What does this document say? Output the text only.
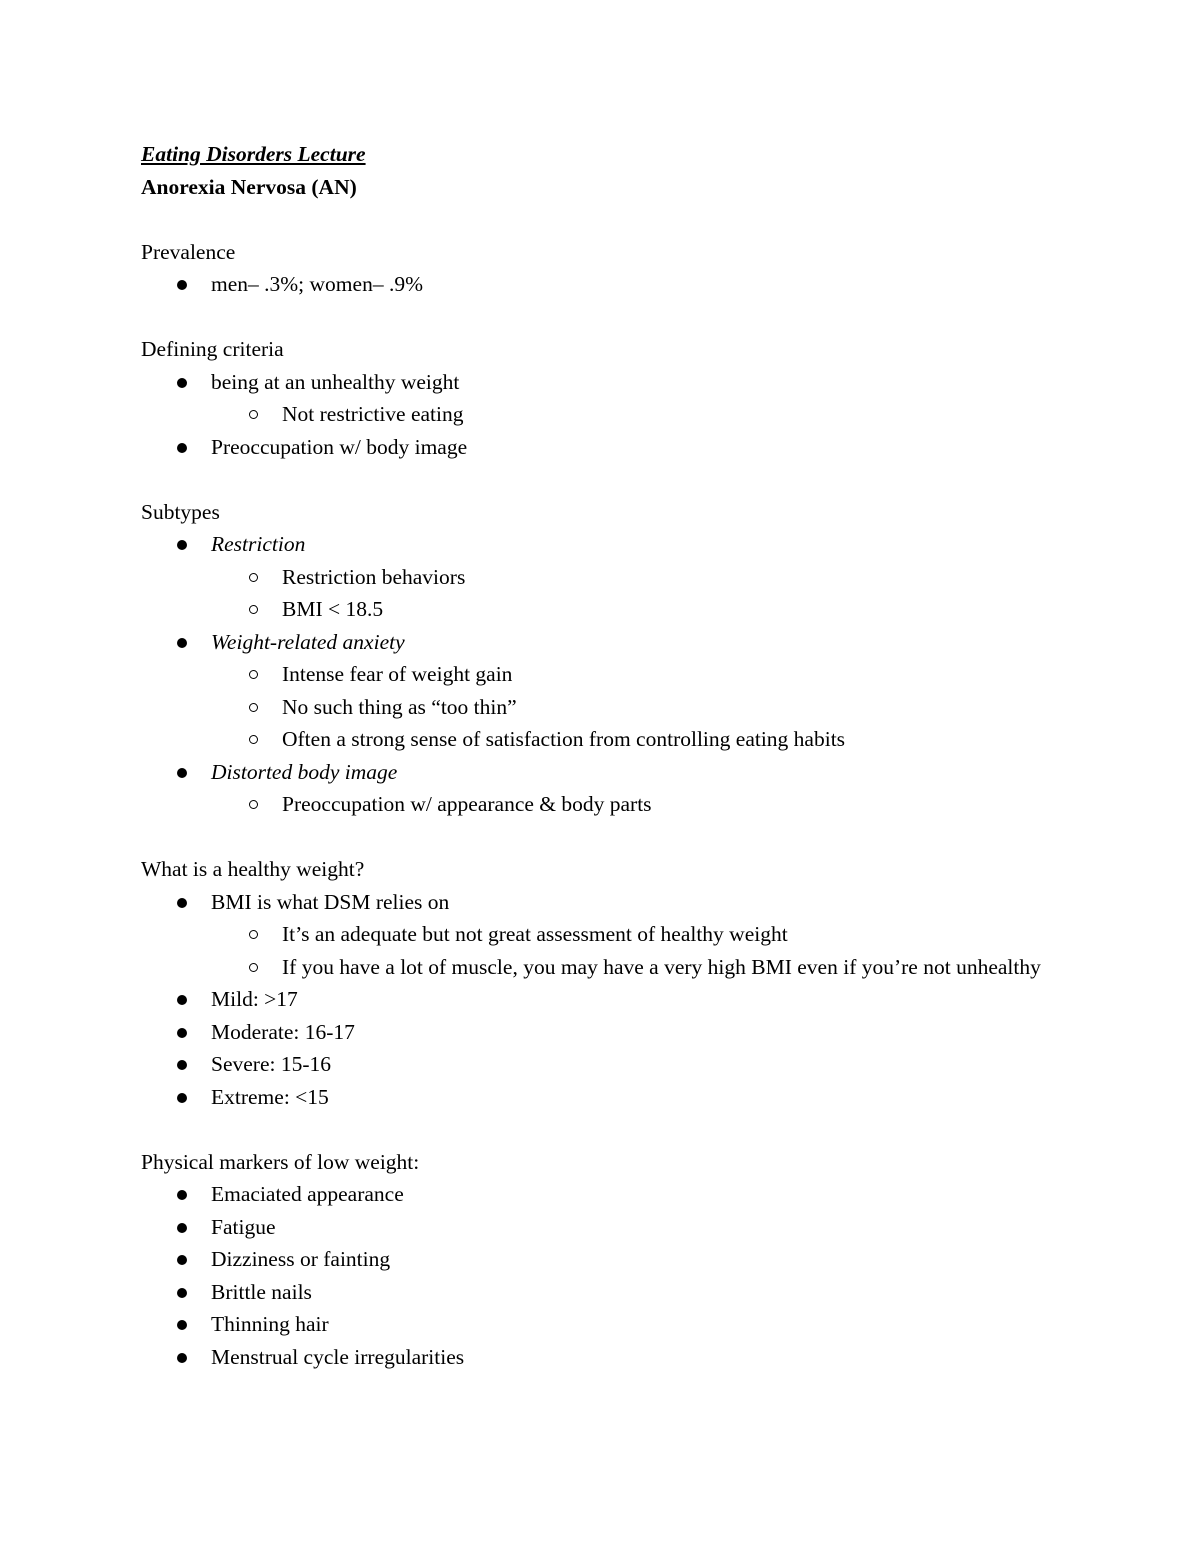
Eating Disorders Lecture
Anorexia Nervosa (AN)
Prevalence
men– .3%; women– .9%
Defining criteria
being at an unhealthy weight
Not restrictive eating
Preoccupation w/ body image
Subtypes
Restriction
Restriction behaviors
BMI < 18.5
Weight-related anxiety
Intense fear of weight gain
No such thing as “too thin”
Often a strong sense of satisfaction from controlling eating habits
Distorted body image
Preoccupation w/ appearance & body parts
What is a healthy weight?
BMI is what DSM relies on
It’s an adequate but not great assessment of healthy weight
If you have a lot of muscle, you may have a very high BMI even if you’re not unhealthy
Mild: >17
Moderate: 16-17
Severe: 15-16
Extreme: <15
Physical markers of low weight:
Emaciated appearance
Fatigue
Dizziness or fainting
Brittle nails
Thinning hair
Menstrual cycle irregularities
